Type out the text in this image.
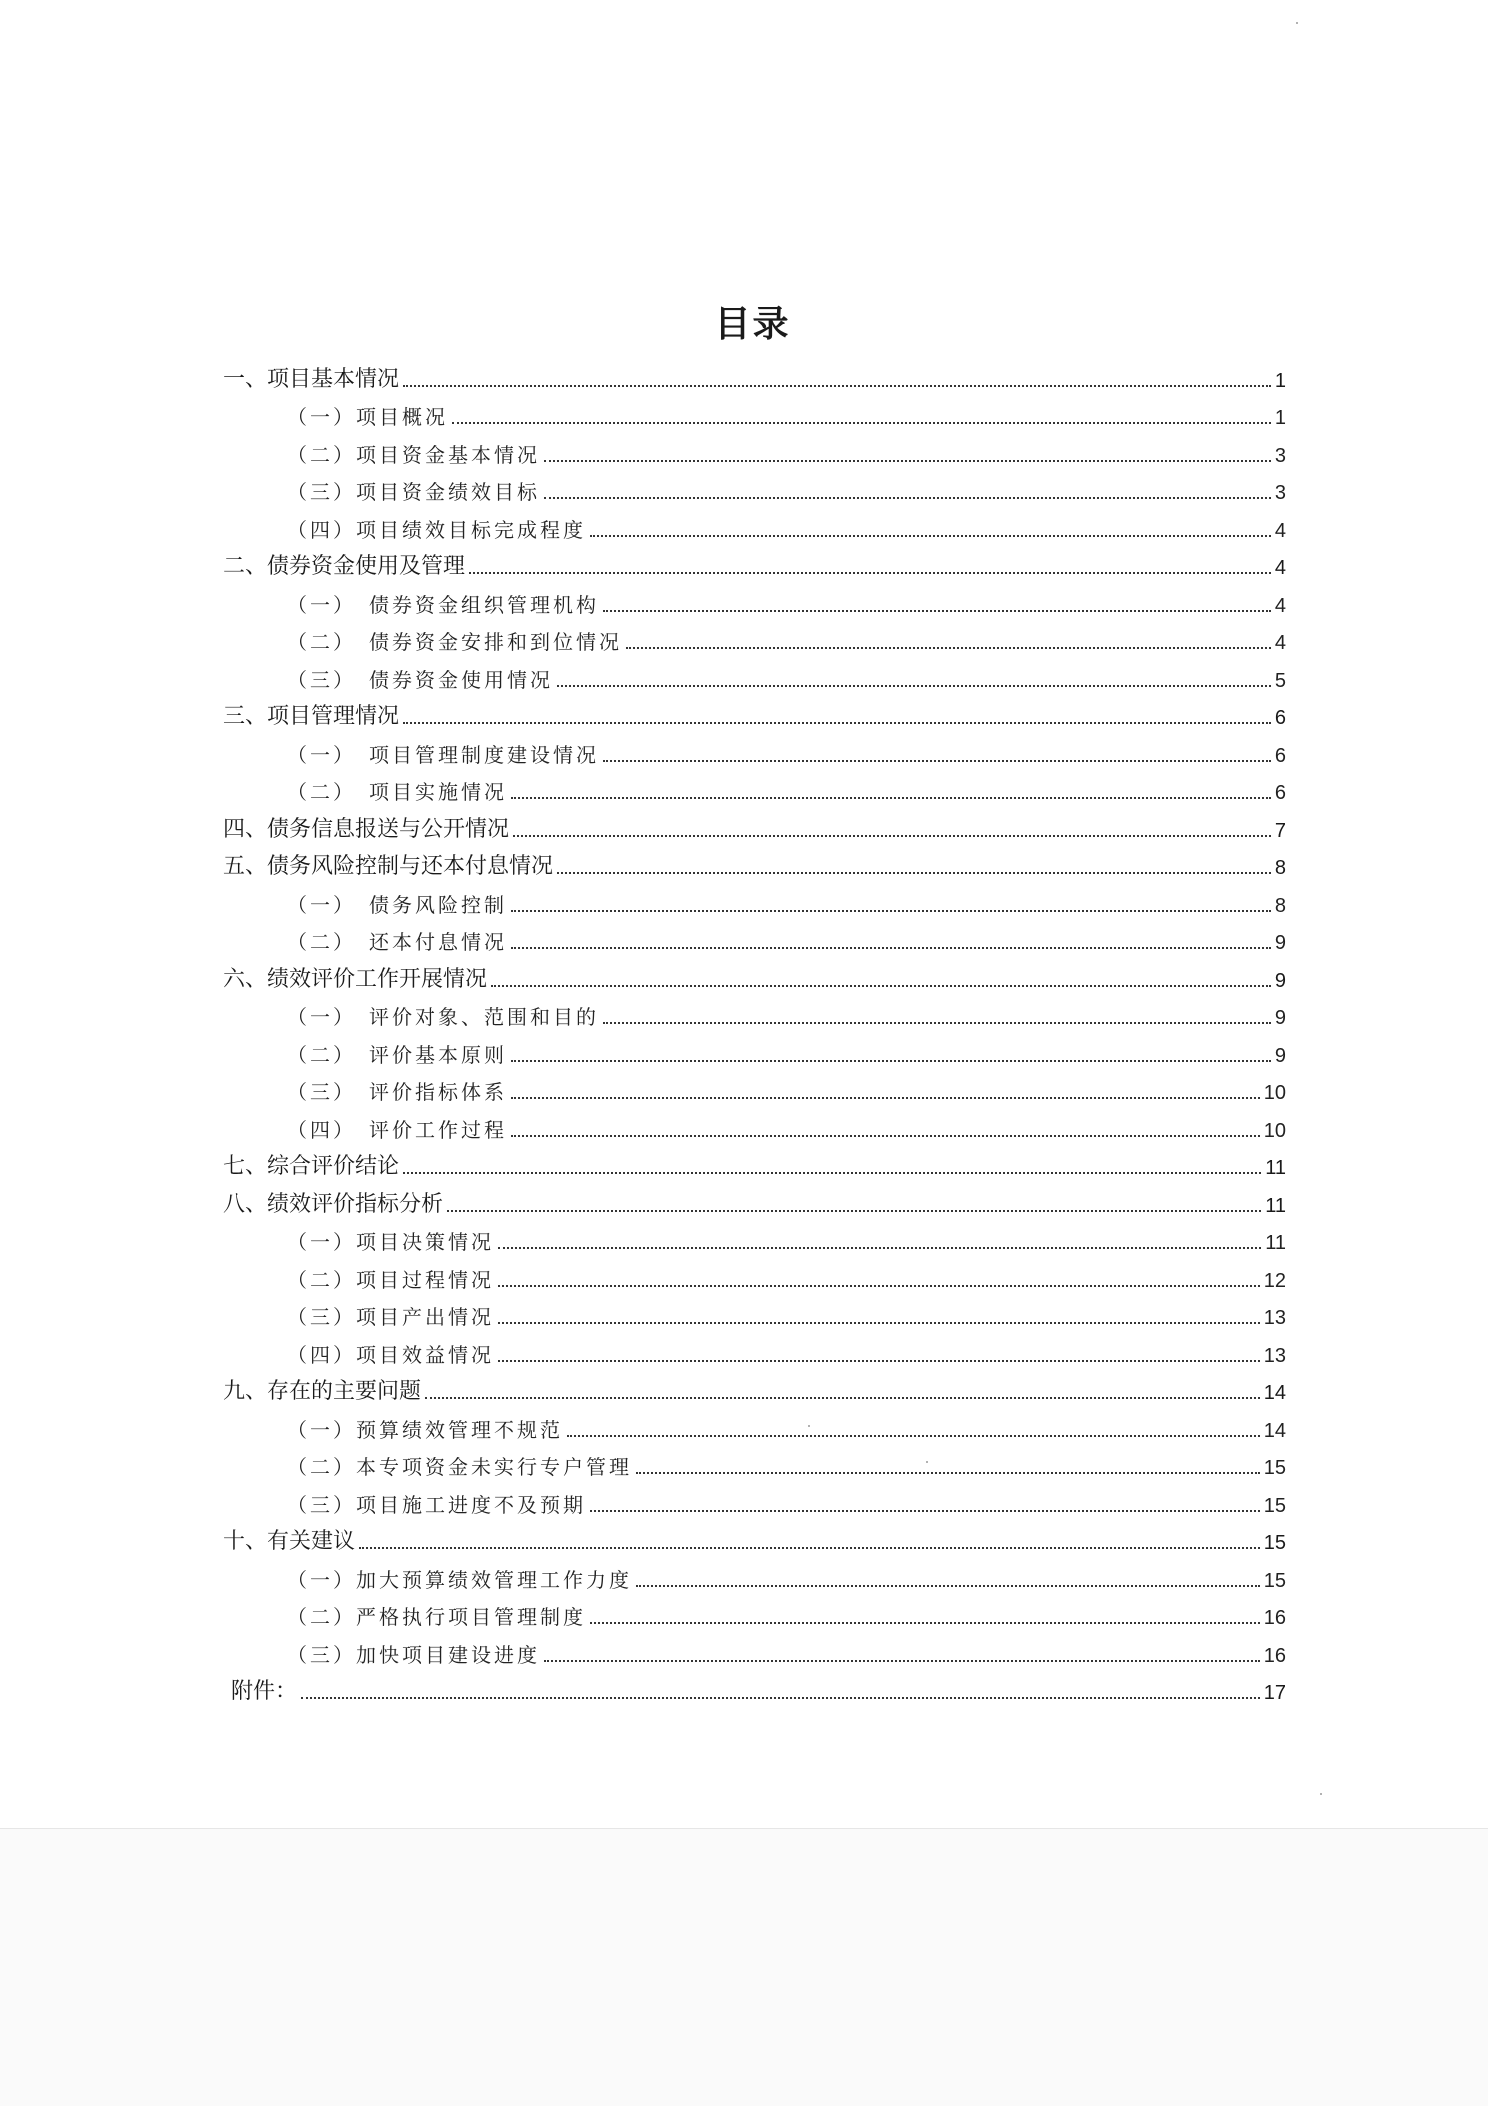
目录
一、项目基本情况	1
（一）项目概况	1
（二）项目资金基本情况	3
（三）项目资金绩效目标	3
（四）项目绩效目标完成程度	4
二、债券资金使用及管理	4
（一）　债券资金组织管理机构	4
（二）　债券资金安排和到位情况	4
（三）　债券资金使用情况	5
三、项目管理情况	6
（一）　项目管理制度建设情况	6
（二）　项目实施情况	6
四、债务信息报送与公开情况	7
五、债务风险控制与还本付息情况	8
（一）　债务风险控制	8
（二）　还本付息情况	9
六、绩效评价工作开展情况	9
（一）　评价对象、范围和目的	9
（二）　评价基本原则	9
（三）　评价指标体系	10
（四）　评价工作过程	10
七、综合评价结论	11
八、绩效评价指标分析	11
（一）项目决策情况	11
（二）项目过程情况	12
（三）项目产出情况	13
（四）项目效益情况	13
九、存在的主要问题	14
（一）预算绩效管理不规范	14
（二）本专项资金未实行专户管理	15
（三）项目施工进度不及预期	15
十、有关建议	15
（一）加大预算绩效管理工作力度	15
（二）严格执行项目管理制度	16
（三）加快项目建设进度	16
附件：	17
